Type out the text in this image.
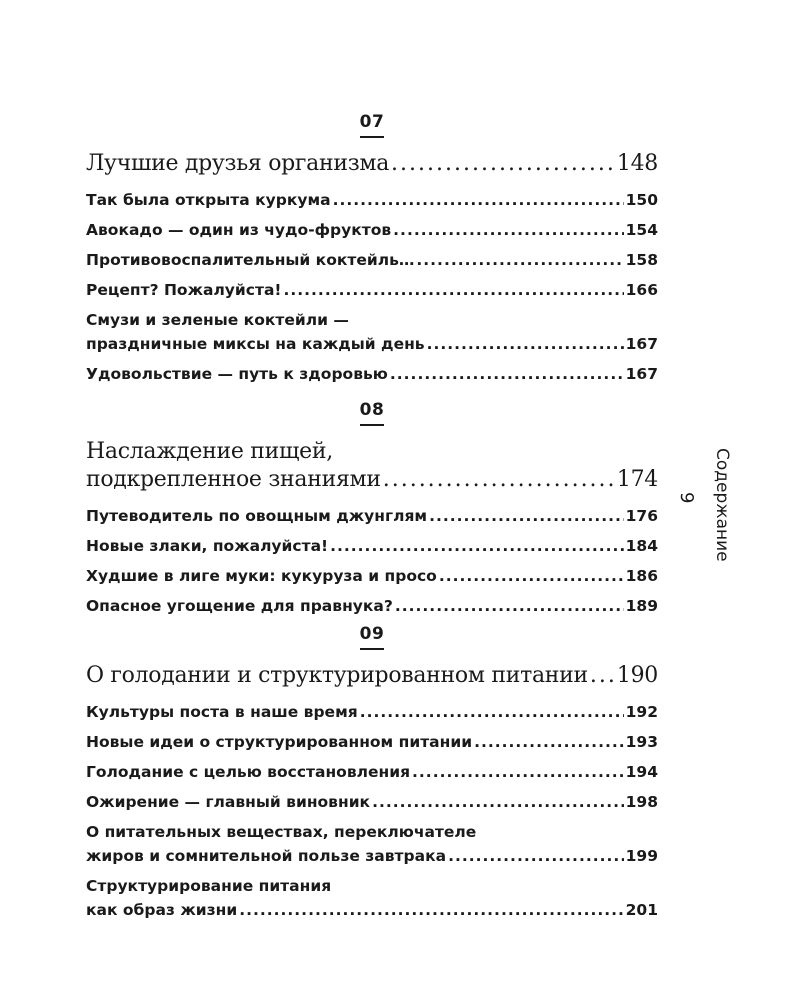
07
Лучшие друзья организма .....	148
Так была открыта куркума .....	150
Авокадо — один из чудо-фруктов .....	154
Противовоспалительный коктейль… .....	158
Рецепт? Пожалуйста! .....	166
Смузи и зеленые коктейли —
праздничные миксы на каждый день .....	167
Удовольствие — путь к здоровью .....	167
08
Наслаждение пищей,
подкрепленное знаниями .....	174
Путеводитель по овощным джунглям .....	176
Новые злаки, пожалуйста! .....	184
Худшие в лиге муки: кукуруза и просо .....	186
Опасное угощение для правнука? .....	189
09
О голодании и структурированном питании ..... 190
Культуры поста в наше время .....	192
Новые идеи о структурированном питании .....	193
Голодание с целью восстановления .....	194
Ожирение — главный виновник .....	198
О питательных веществах, переключателе
жиров и сомнительной пользе завтрака .....	199
Структурирование питания
как образ жизни .....	201
Содержание
9
